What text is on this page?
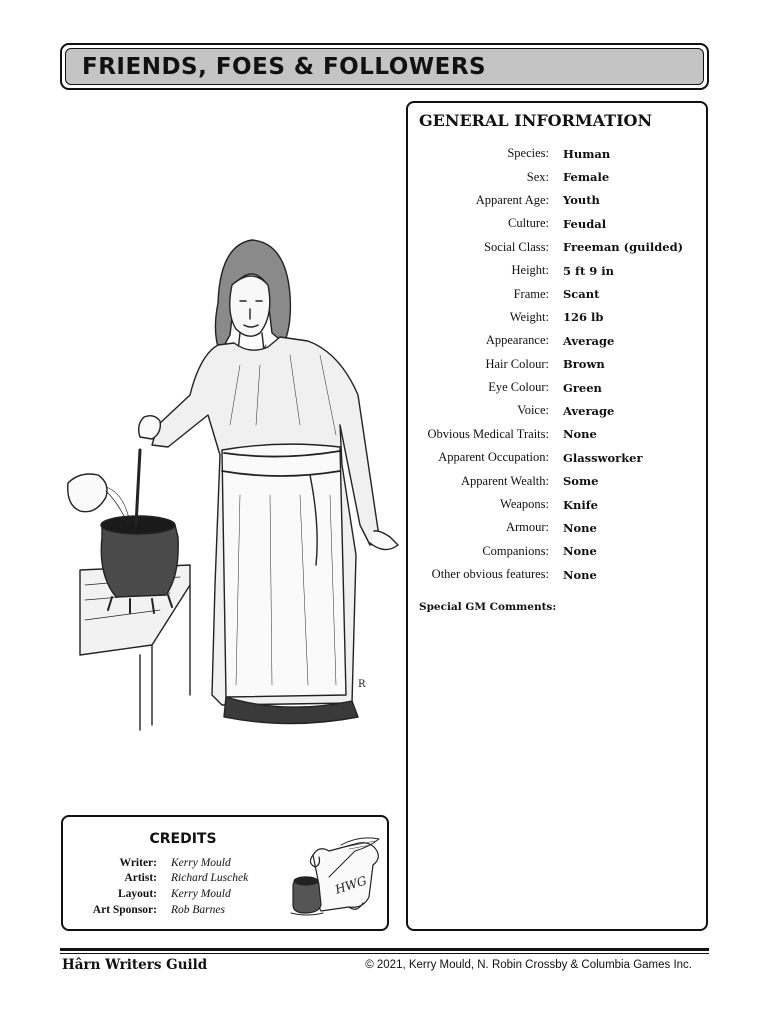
FRIENDS, FOES & FOLLOWERS
R
GENERAL INFORMATION
Species: Human
Sex: Female
Apparent Age: Youth
Culture: Feudal
Social Class: Freeman (guilded)
Height: 5 ft 9 in
Frame: Scant
Weight: 126 lb
Appearance: Average
Hair Colour: Brown
Eye Colour: Green
Voice: Average
Obvious Medical Traits: None
Apparent Occupation: Glassworker
Apparent Wealth: Some
Weapons: Knife
Armour: None
Companions: None
Other obvious features: None
Special GM Comments:
CREDITS
Writer: Kerry Mould
Artist: Richard Luschek
Layout: Kerry Mould
Art Sponsor: Rob Barnes
HWG
Hârn Writers Guild	© 2021, Kerry Mould, N. Robin Crossby & Columbia Games Inc.
